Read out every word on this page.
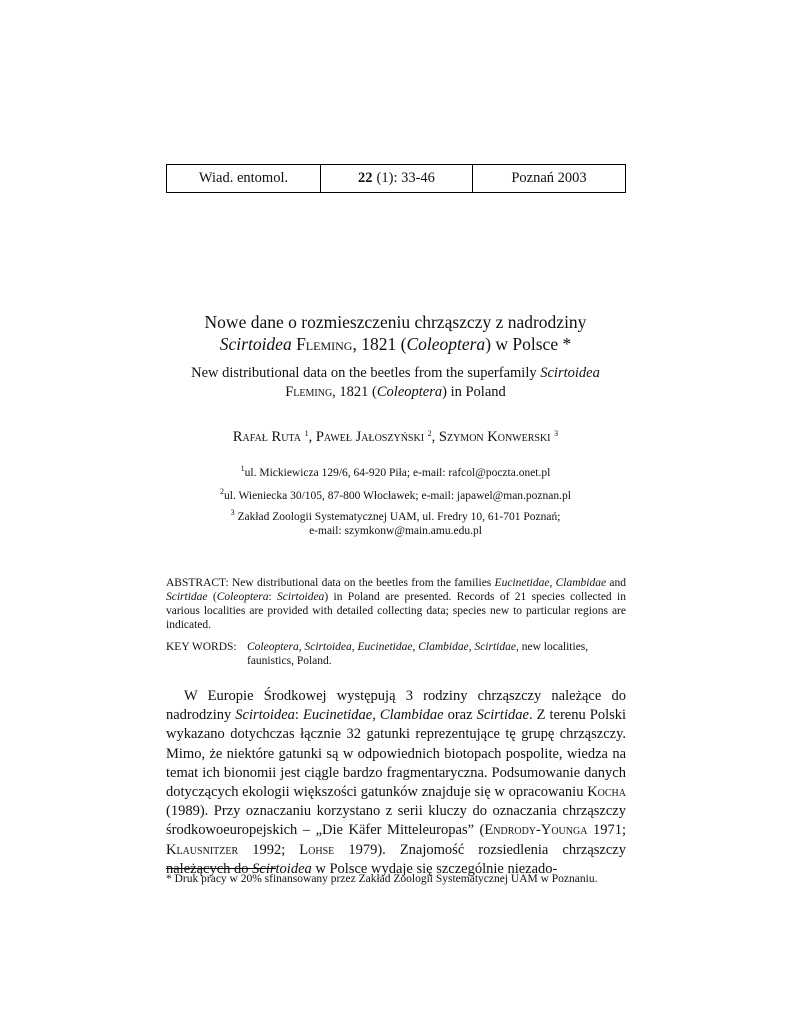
Wiad. entomol.	22 (1): 33-46	Poznań 2003
Nowe dane o rozmieszczeniu chrząszczy z nadrodziny
Scirtoidea Fleming, 1821 (Coleoptera) w Polsce *
New distributional data on the beetles from the superfamily Scirtoidea
Fleming, 1821 (Coleoptera) in Poland
Rafał Ruta $^1$, Paweł Jałoszyński $^2$, Szymon Konwerski $^3$
$^1$ul. Mickiewicza 129/6, 64-920 Piła; e-mail: rafcol@poczta.onet.pl
$^2$ul. Wieniecka 30/105, 87-800 Włocławek; e-mail: japawel@man.poznan.pl
$^3$ Zakład Zoologii Systematycznej UAM, ul. Fredry 10, 61-701 Poznań;
e-mail: szymkonw@main.amu.edu.pl
ABSTRACT: New distributional data on the beetles from the families Eucinetidae, Clambidae and Scirtidae (Coleoptera: Scirtoidea) in Poland are presented. Records of 21 species collected in various localities are provided with detailed collecting data; species new to particular regions are indicated.
KEY WORDS: Coleoptera, Scirtoidea, Eucinetidae, Clambidae, Scirtidae, new localities, faunistics, Poland.

W Europie Środkowej występują 3 rodziny chrząszczy należące do nadrodziny Scirtoidea: Eucinetidae, Clambidae oraz Scirtidae. Z terenu Polski wykazano dotychczas łącznie 32 gatunki reprezentujące tę grupę chrząszczy. Mimo, że niektóre gatunki są w odpowiednich biotopach pospolite, wiedza na temat ich bionomii jest ciągle bardzo fragmentaryczna. Podsumowanie danych dotyczących ekologii większości gatunków znajduje się w opracowaniu Kocha (1989). Przy oznaczaniu korzystano z serii kluczy do oznaczania chrząszczy środkowoeuropejskich – „Die Käfer Mitteleuropas” (Endrody-Younga 1971; Klausnitzer 1992; Lohse 1979). Znajomość rozsiedlenia chrząszczy należących do Scirtoidea w Polsce wydaje się szczególnie niezado-

* Druk pracy w 20% sfinansowany przez Zakład Zoologii Systematycznej UAM w Poznaniu.
